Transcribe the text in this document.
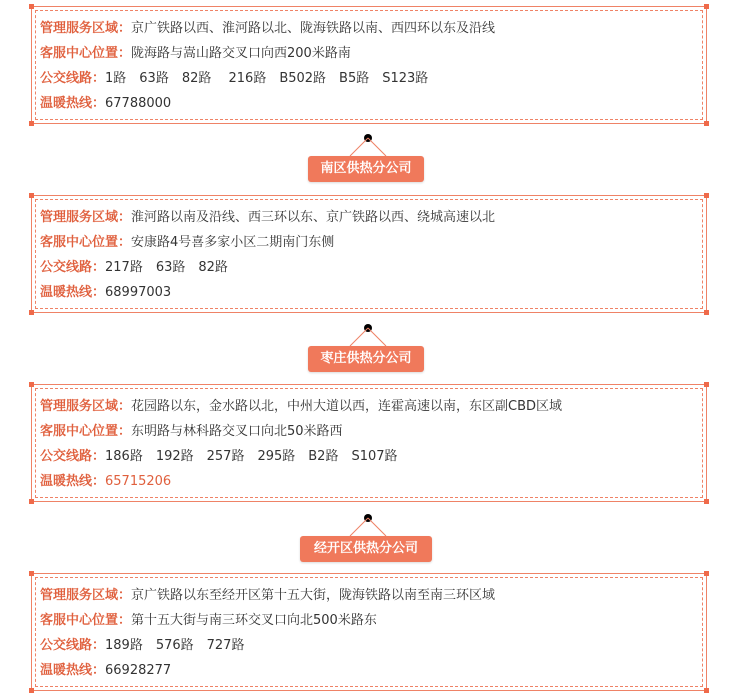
管理服务区域：京广铁路以西、淮河路以北、陇海铁路以南、西四环以东及沿线
客服中心位置：陇海路与嵩山路交叉口向西200米路南
公交线路：1路　63路　82路　 216路　B502路　B5路　S123路
温暖热线：67788000
南区供热分公司
管理服务区域：淮河路以南及沿线、西三环以东、京广铁路以西、绕城高速以北
客服中心位置：安康路4号喜多家小区二期南门东侧
公交线路：217路　63路　82路
温暖热线：68997003
枣庄供热分公司
管理服务区域：花园路以东，金水路以北，中州大道以西，连霍高速以南，东区副CBD区域
客服中心位置：东明路与林科路交叉口向北50米路西
公交线路：186路　192路　257路　295路　B2路　S107路
温暖热线：65715206
经开区供热分公司
管理服务区域：京广铁路以东至经开区第十五大街，陇海铁路以南至南三环区域
客服中心位置：第十五大街与南三环交叉口向北500米路东
公交线路：189路　576路　727路
温暖热线：66928277
